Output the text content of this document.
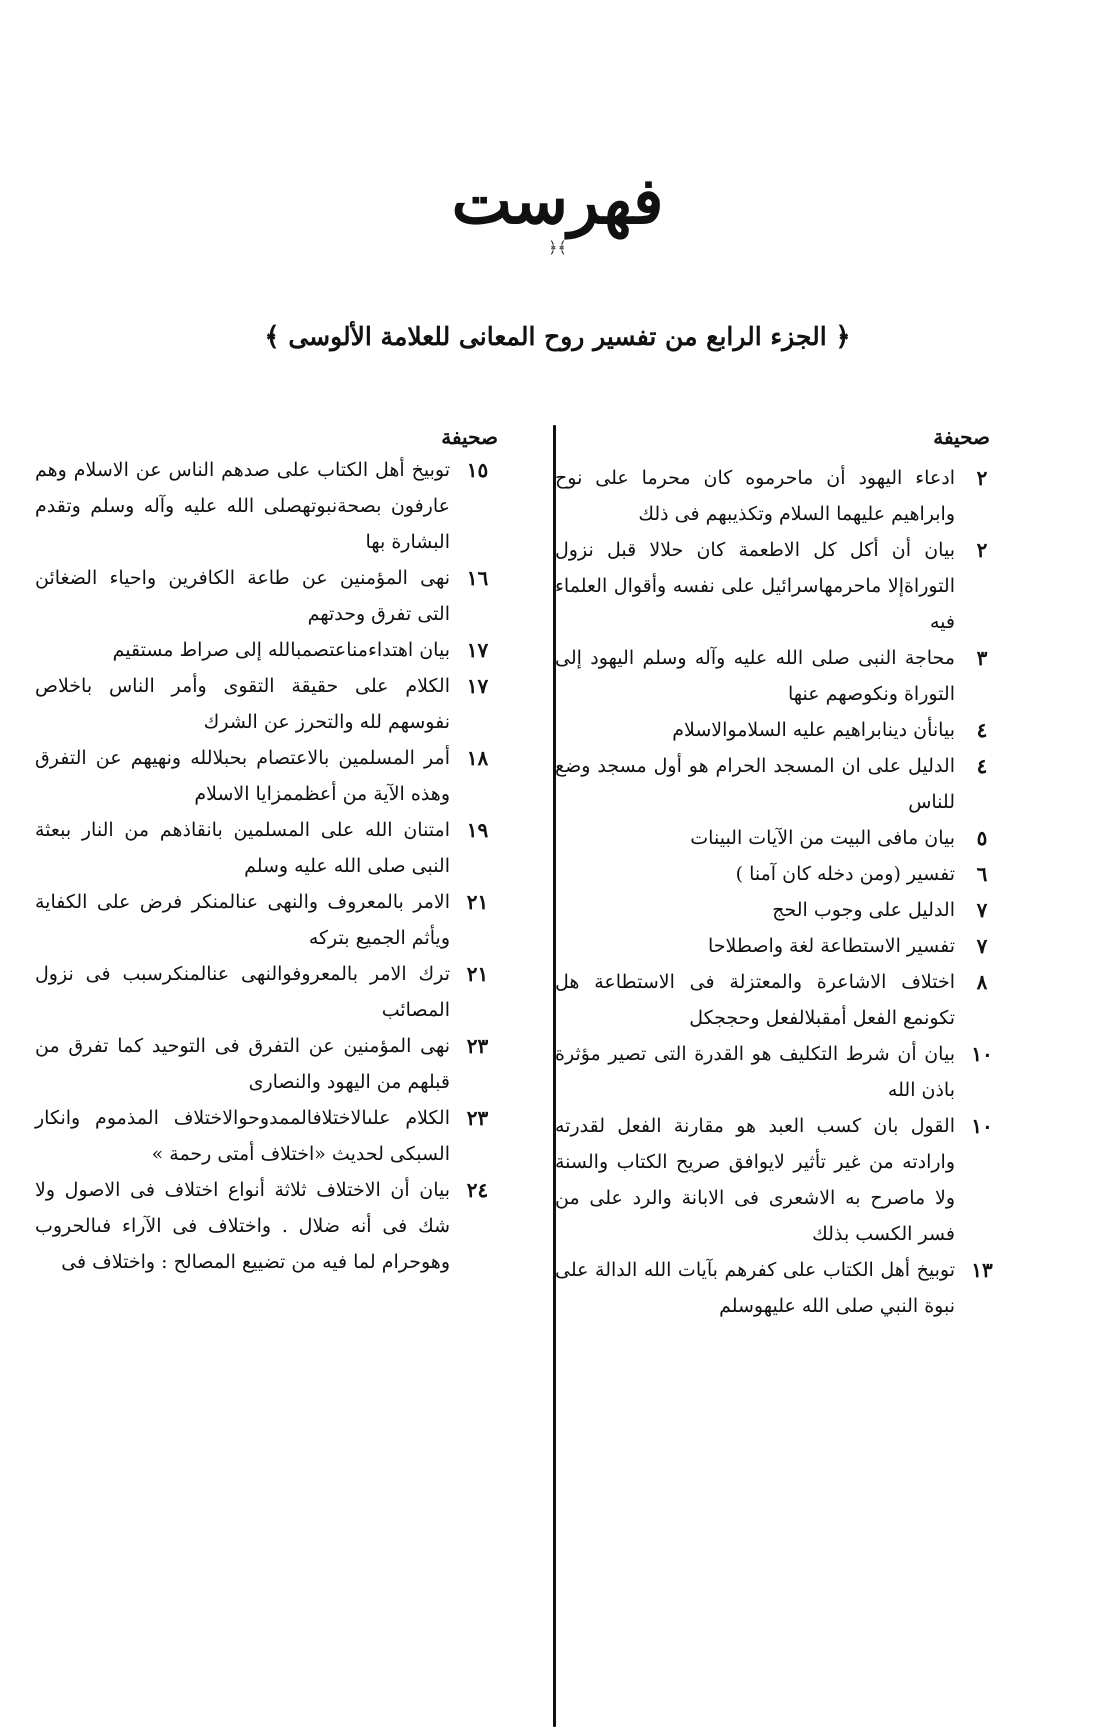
فهرست
﴾﴿
﴿ الجزء الرابع من تفسير روح المعانى للعلامة الألوسى ﴾
صحيفة
صحيفة
٢
ادعاء اليهود أن ماحرموه كان محرما على نوح وابراهيم عليهما السلام وتكذيبهم فى ذلك
٢
بيان أن أكل كل الاطعمة كان حلالا قبل نزول التوراةإلا ماحرمهاسرائيل على نفسه وأقوال العلماء فيه
٣
محاجة النبى صلى الله عليه وآله وسلم اليهود إلى التوراة ونكوصهم عنها
٤
بيانأن دينابراهيم عليه السلاموالاسلام
٤
الدليل على ان المسجد الحرام هو أول مسجد وضع للناس
٥
بيان مافى البيت من الآيات البينات
٦
تفسير (ومن دخله كان آمنا )
٧
الدليل على وجوب الحج
٧
تفسير الاستطاعة لغة واصطلاحا
٨
اختلاف الاشاعرة والمعتزلة فى الاستطاعة هل تكونمع الفعل أمقبلالفعل وحججكل
١٠
بيان أن شرط التكليف هو القدرة التى تصير مؤثرة باذن الله
١٠
القول بان كسب العبد هو مقارنة الفعل لقدرته وارادته من غير تأثير لايوافق صريح الكتاب والسنة ولا ماصرح به الاشعرى فى الابانة والرد على من فسر الكسب بذلك
١٣
توبيخ أهل الكتاب على كفرهم بآيات الله الدالة على نبوة النبي صلى الله عليهوسلم
١٥
توبيخ أهل الكتاب على صدهم الناس عن الاسلام وهم عارفون بصحةنبوتهصلى الله عليه وآله وسلم وتقدم البشارة بها
١٦
نهى المؤمنين عن طاعة الكافرين واحياء الضغائن التى تفرق وحدتهم
١٧
بيان اهتداءمناعتصمبالله إلى صراط مستقيم
١٧
الكلام على حقيقة التقوى وأمر الناس باخلاص نفوسهم لله والتحرز عن الشرك
١٨
أمر المسلمين بالاعتصام بحبلالله ونهيهم عن التفرق وهذه الآية من أعظممزايا الاسلام
١٩
امتنان الله على المسلمين بانقاذهم من النار ببعثة النبى صلى الله عليه وسلم
٢١
الامر بالمعروف والنهى عنالمنكر فرض على الكفاية ويأثم الجميع بتركه
٢١
ترك الامر بالمعروفوالنهى عنالمنكرسبب فى نزول المصائب
٢٣
نهى المؤمنين عن التفرق فى التوحيد كما تفرق من قبلهم من اليهود والنصارى
٢٣
الكلام علىالاختلافالممدوحوالاختلاف المذموم وانكار السبكى لحديث «اختلاف أمتى رحمة »
٢٤
بيان أن الاختلاف ثلاثة أنواع اختلاف فى الاصول ولا شك فى أنه ضلال . واختلاف فى الآراء فىالحروب وهوحرام لما فيه من تضييع المصالح : واختلاف فى
